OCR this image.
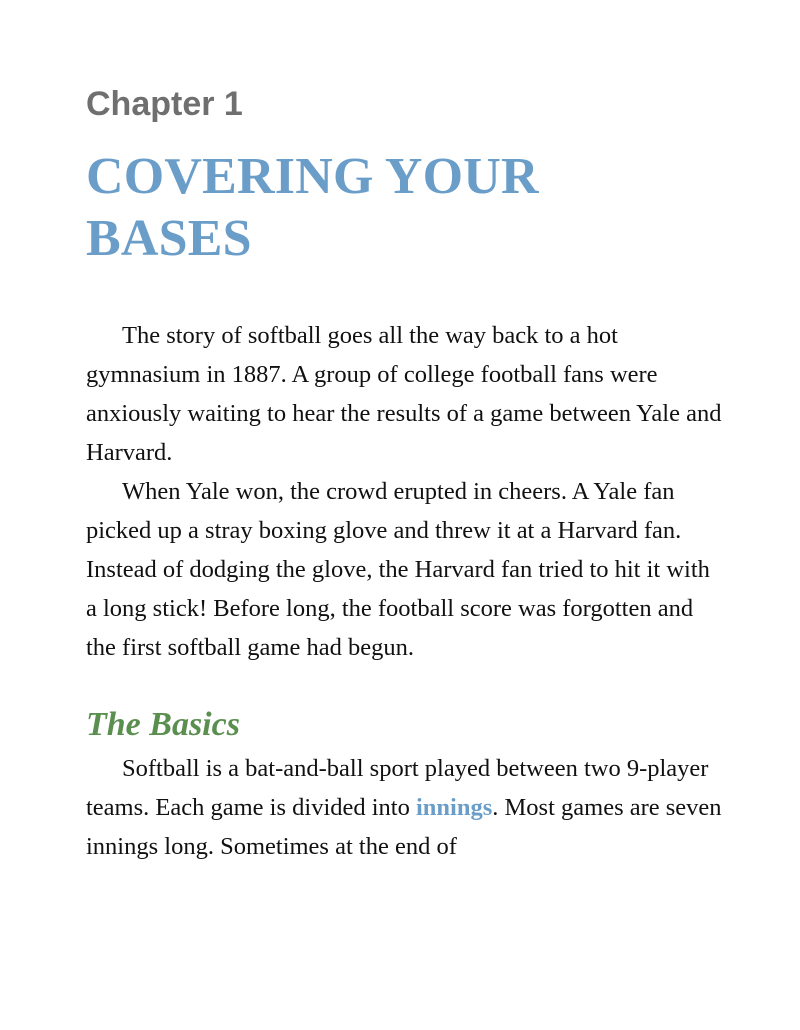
Chapter 1
COVERING YOUR
BASES

The story of softball goes all the way back to a hot gymnasium in 1887. A group of college football fans were anxiously waiting to hear the results of a game between Yale and Harvard.

When Yale won, the crowd erupted in cheers. A Yale fan picked up a stray boxing glove and threw it at a Harvard fan. Instead of dodging the glove, the Harvard fan tried to hit it with a long stick! Before long, the football score was forgotten and the first softball game had begun.

The Basics

Softball is a bat-and-ball sport played between two 9-player teams. Each game is divided into innings. Most games are seven innings long. Sometimes at the end of
